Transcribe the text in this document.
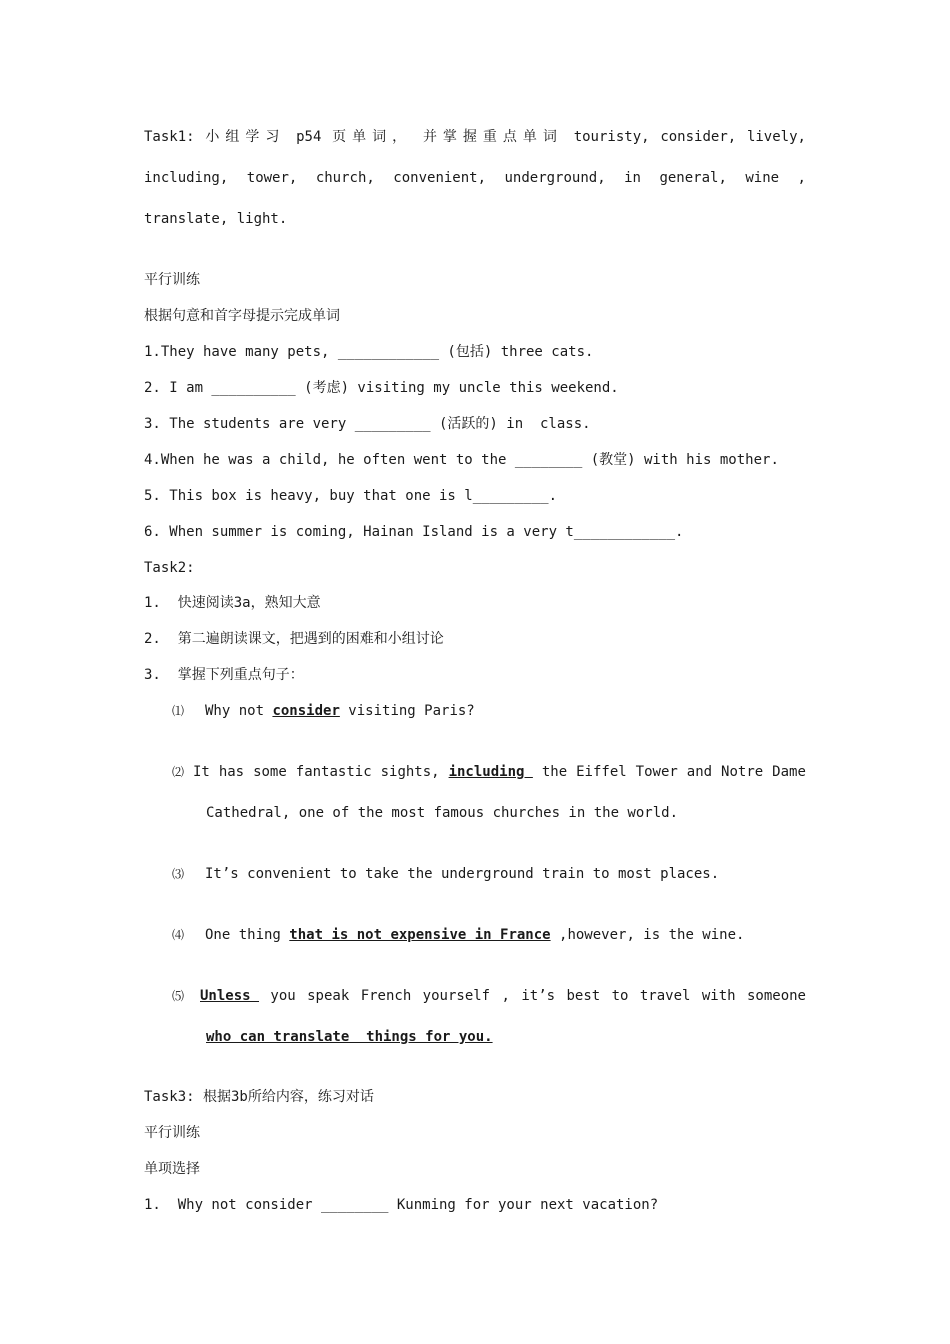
Task1: 小组学习 p54 页单词， 并掌握重点单词 touristy, consider, lively,
including, tower, church, convenient, underground, in general, wine ,
translate, light.
平行训练
根据句意和首字母提示完成单词
1.They have many pets, ____________ (包括) three cats.
2. I am __________ (考虑) visiting my uncle this weekend.
3. The students are very _________ (活跃的) in  class.
4.When he was a child, he often went to the ________ (教堂) with his mother.
5. This box is heavy, buy that one is l_________.
6. When summer is coming, Hainan Island is a very t____________.
Task2:
1.  快速阅读3a，熟知大意
2.  第二遍朗读课文，把遇到的困难和小组讨论
3.  掌握下列重点句子：
⑴ Why not consider visiting Paris?
⑵ It has some fantastic sights, including the Eiffel Tower and Notre Dame
Cathedral, one of the most famous churches in the world.
⑶ It’s convenient to take the underground train to most places.
⑷ One thing that is not expensive in France ,however, is the wine.
⑸	Unless you speak French yourself , it’s best to travel with someone
who can translate  things for you.
Task3: 根据3b所给内容，练习对话
平行训练
单项选择
1.  Why not consider ________ Kunming for your next vacation?
